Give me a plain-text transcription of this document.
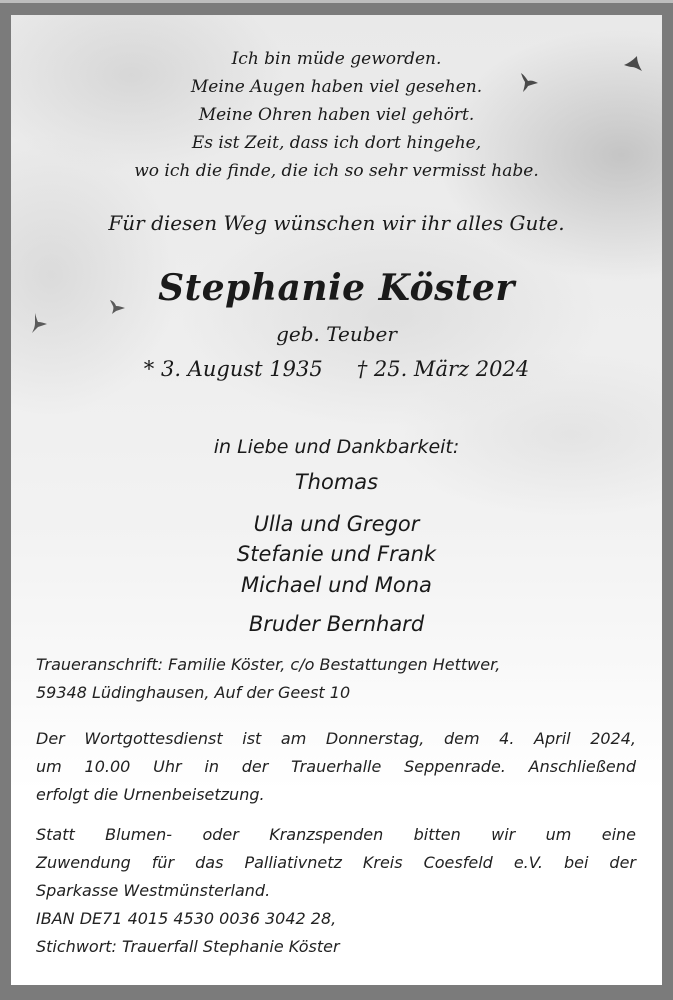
Ich bin müde geworden.
Meine Augen haben viel gesehen.
Meine Ohren haben viel gehört.
Es ist Zeit, dass ich dort hingehe,
wo ich die finde, die ich so sehr vermisst habe.
Für diesen Weg wünschen wir ihr alles Gute.
Stephanie Köster
geb. Teuber
* 3. August 1935 † 25. März 2024
in Liebe und Dankbarkeit:
Thomas
Ulla und Gregor
Stefanie und Frank
Michael und Mona
Bruder Bernhard
Traueranschrift: Familie Köster, c/o Bestattungen Hettwer,
59348 Lüdinghausen, Auf der Geest 10
Der Wortgottesdienst ist am Donnerstag, dem 4. April 2024,
um 10.00 Uhr in der Trauerhalle Seppenrade. Anschließend
erfolgt die Urnenbeisetzung.
Statt Blumen- oder Kranzspenden bitten wir um eine
Zuwendung für das Palliativnetz Kreis Coesfeld e.V. bei der
Sparkasse Westmünsterland.
IBAN DE71 4015 4530 0036 3042 28,
Stichwort: Trauerfall Stephanie Köster
